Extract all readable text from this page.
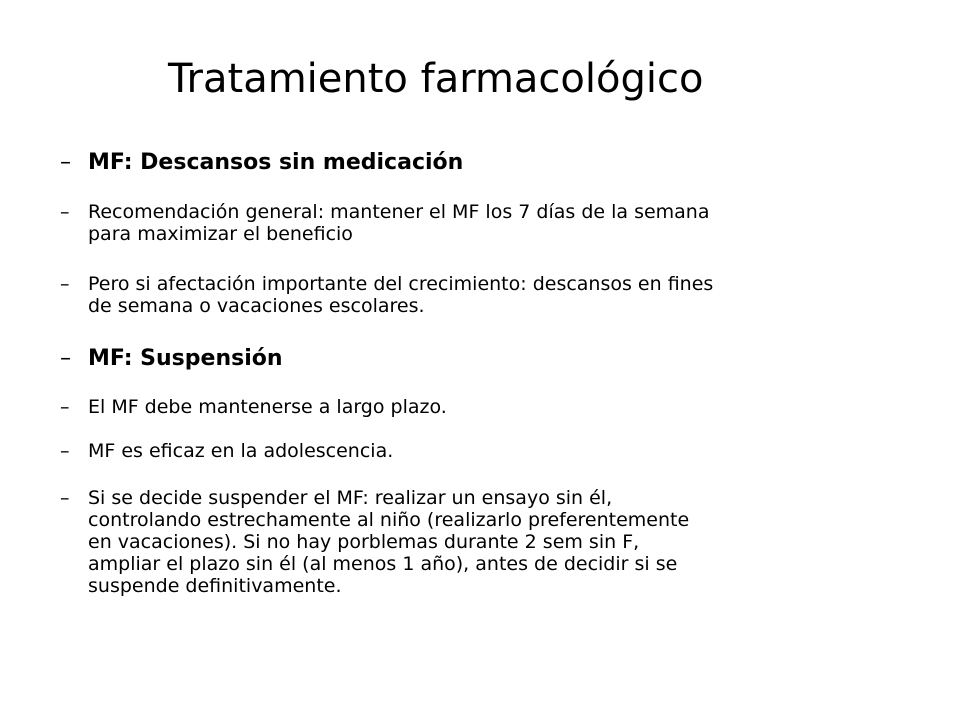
Tratamiento farmacológico
– MF: Descansos sin medicación
– Recomendación general: mantener el MF los 7 días de la semana
para maximizar el beneficio
– Pero si afectación importante del crecimiento: descansos en fines
de semana o vacaciones escolares.
– MF: Suspensión
– El MF debe mantenerse a largo plazo.
– MF es eficaz en la adolescencia.
– Si se decide suspender el MF: realizar un ensayo sin él,
controlando estrechamente al niño (realizarlo preferentemente
en vacaciones). Si no hay porblemas durante 2 sem sin F,
ampliar el plazo sin él (al menos 1 año), antes de decidir si se
suspende definitivamente.
